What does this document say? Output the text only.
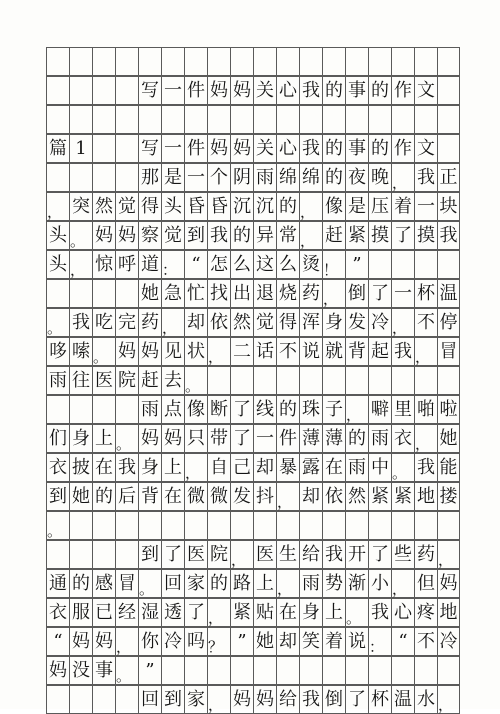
写 一 件 妈 妈 关 心 我 的 事 的 作 文
篇 1	写 一 件 妈 妈 关 心 我 的 事 的 作 文
那 是 一 个 阴 雨 绵 绵 的 夜 晚 ， 我 正
， 突 然 觉 得 头 昏 昏 沉 沉 的 ， 像 是 压 着 一 块
头 。 妈 妈 察 觉 到 我 的 异 常 ， 赶 紧 摸 了 摸 我
头 ， 惊 呼 道 ： “ 怎 么 这 么 烫 ！ ”
她 急 忙 找 出 退 烧 药 ， 倒 了 一 杯 温
。 我 吃 完 药 ， 却 依 然 觉 得 浑 身 发 冷 ， 不 停
哆 嗦 。 妈 妈 见 状 ， 二 话 不 说 就 背 起 我 ， 冒
雨 往 医 院 赶 去 。
雨 点 像 断 了 线 的 珠 子 ， 噼 里 啪 啦
们 身 上 。 妈 妈 只 带 了 一 件 薄 薄 的 雨 衣 ， 她
衣 披 在 我 身 上 ， 自 己 却 暴 露 在 雨 中 。 我 能
到 她 的 后 背 在 微 微 发 抖 ， 却 依 然 紧 紧 地 搂
。
到 了 医 院 ， 医 生 给 我 开 了 些 药 ，
通 的 感 冒 。 回 家 的 路 上 ， 雨 势 渐 小 ， 但 妈
衣 服 已 经 湿 透 了 ， 紧 贴 在 身 上 。 我 心 疼 地
“ 妈 妈 ， 你 冷 吗 ？ ” 她 却 笑 着 说 ： “ 不 冷
妈 没 事 。 ”
回 到 家 ， 妈 妈 给 我 倒 了 杯 温 水 ，
